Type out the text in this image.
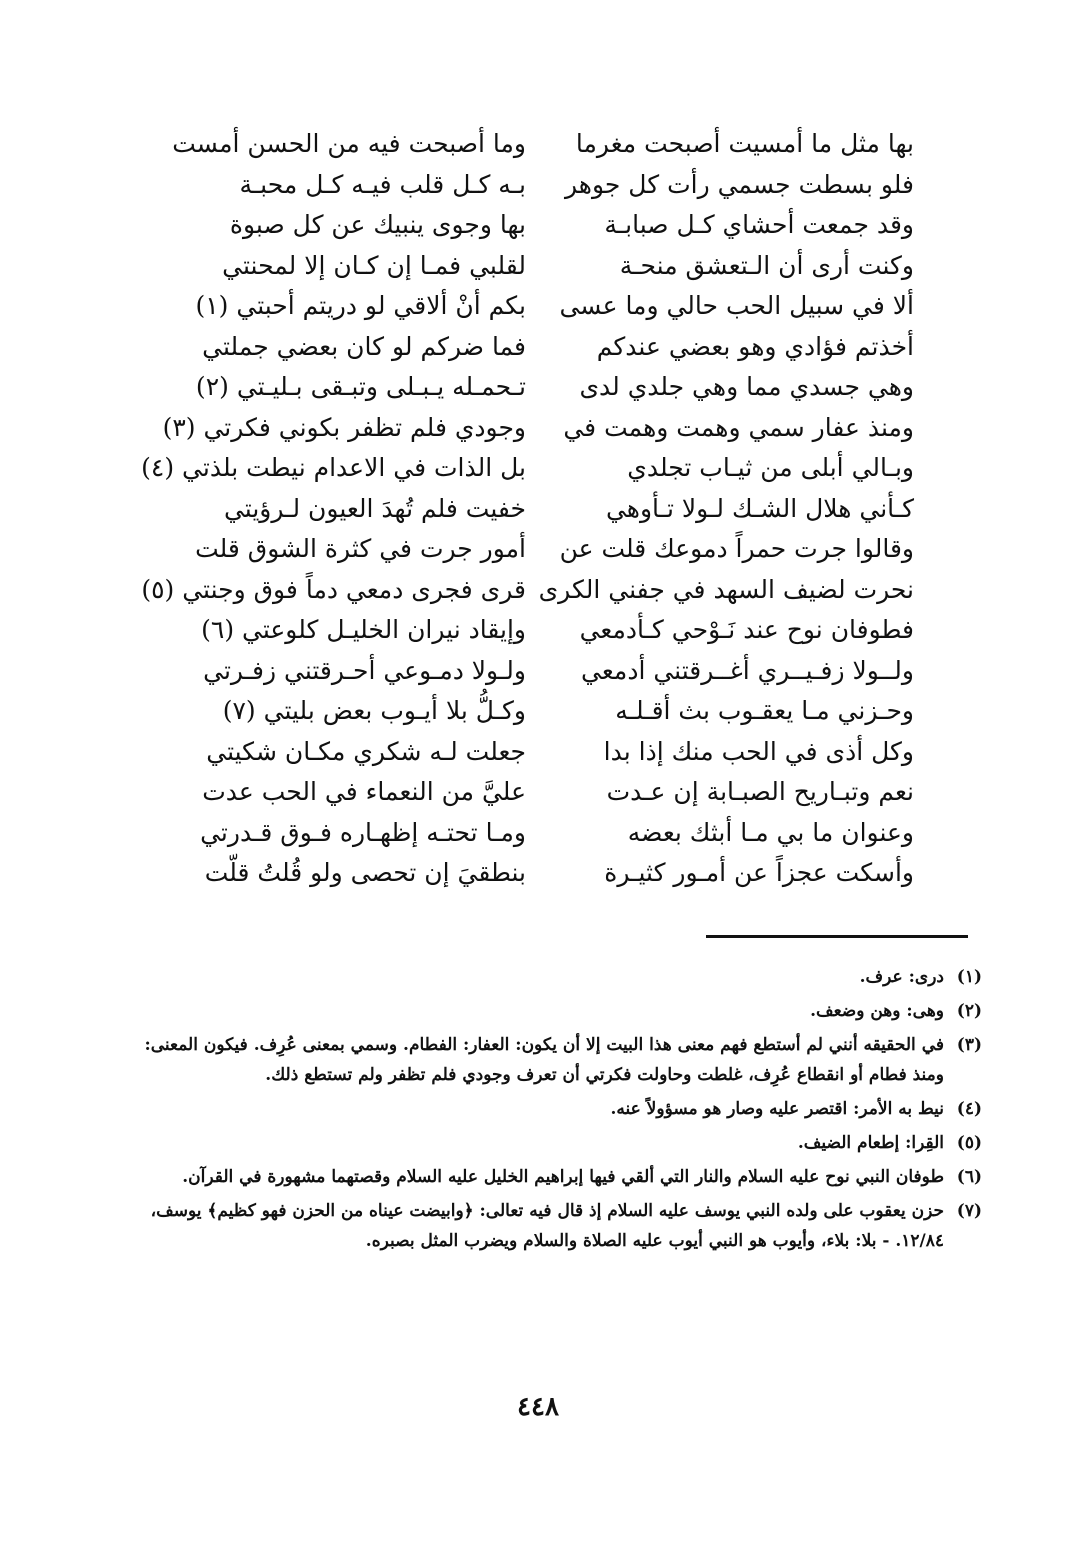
بها مثل ما أمسيت أصبحت مغرما
وما أصبحت فيه من الحسن أمست
فلو بسطت جسمي رأت كل جوهر
بـه كـل قلب فيـه كـل محبـة
وقد جمعت أحشاي كـل صبابـة
بها وجوى ينبيك عن كل صبوة
وكنت أرى أن الـتعشق منحـة
لقلبي فمـا إن كـان إلا لمحنتي
ألا في سبيل الحب حالي وما عسى
بكم أنْ ألاقي لو دريتم أحبتي (١)
أخذتم فؤادي وهو بعضي عندكم
فما ضركم لو كان بعضي جملتي
وهي جسدي مما وهي جلدي لدى
تـحمـله يـبـلى وتبـقى بـليـتي (٢)
ومنذ عفار سمي وهمت وهمت في
وجودي فلم تظفر بكوني فكرتي (٣)
وبـالي أبلى من ثيـاب تجلدي
بل الذات في الاعدام نيطت بلذتي (٤)
كـأني هلال الشـك لـولا تـأوهي
خفيت فلم تُهدَ العيون لـرؤيتي
وقالوا جرت حمراً دموعك قلت عن
أمور جرت في كثرة الشوق قلت
نحرت لضيف السهد في جفني الكرى
قرى فجرى دمعي دماً فوق وجنتي (٥)
فطوفان نوح عند نَـوْحي كـأدمعي
وإيقاد نيران الخليـل كلوعتي (٦)
ولــولا زفـيــري أغــرقتني أدمعي
ولـولا دمـوعي أحـرقتني زفـرتي
وحـزني مـا يعقـوب بث أقـلـه
وكـلُّ بلا أيـوب بعض بليتي (٧)
وكل أذى في الحب منك إذا بدا
جعلت لـه شكري مكـان شكيتي
نعم وتبـاريح الصبـابة إن عـدت
عليَّ من النعماء في الحب عدت
وعنوان ما بي مـا أبثك بعضه
ومـا تحتـه إظهـاره فـوق قـدرتي
وأسكت عجزاً عن أمـور كثيـرة
بنطقيَ إن تحصى ولو قُلتُ قلّت
(١)
درى: عرف.
(٢)
وهى: وهن وضعف.
(٣)
في الحقيقه أنني لم أستطع فهم معنى هذا البيت إلا أن يكون: العفار: الفطام. وسمي بمعنى عُرِف. فيكون المعنى: ومنذ فطام أو انقطاع عُرِف، غلطت وحاولت فكرتي أن تعرف وجودي فلم تظفر ولم تستطع ذلك.
(٤)
نيط به الأمر: اقتصر عليه وصار هو مسؤولاً عنه.
(٥)
القِرا: إطعام الضيف.
(٦)
طوفان النبي نوح عليه السلام والنار التي ألقي فيها إبراهيم الخليل عليه السلام وقصتهما مشهورة في القرآن.
(٧)
حزن يعقوب على ولده النبي يوسف عليه السلام إذ قال فيه تعالى: ﴿وابيضت عيناه من الحزن فهو كظيم﴾ يوسف، ١٢/٨٤. - بلا: بلاء، وأيوب هو النبي أيوب عليه الصلاة والسلام ويضرب المثل بصبره.
٤٤٨
